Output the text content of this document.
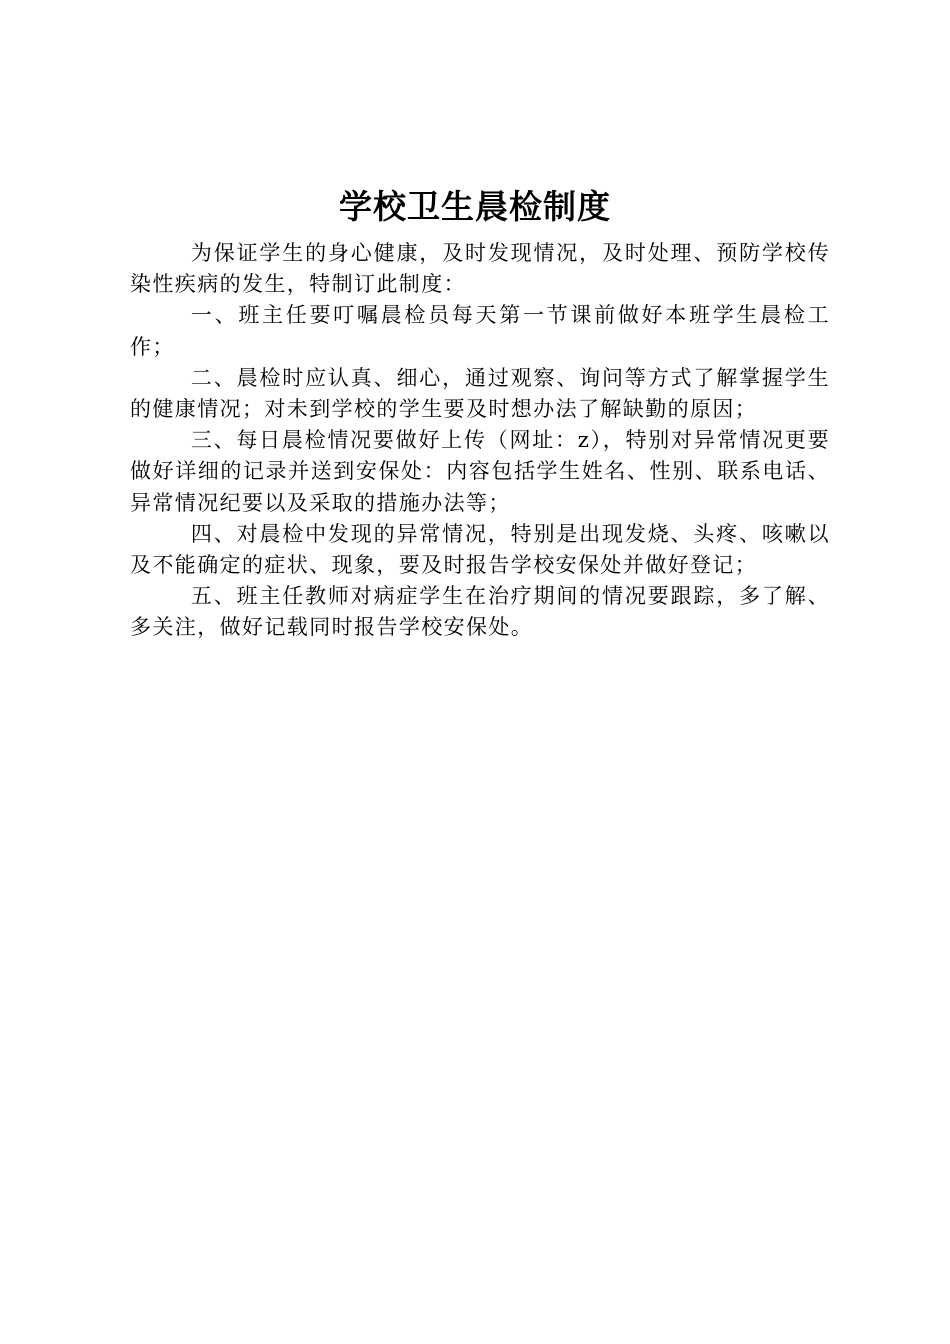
学校卫生晨检制度

为保证学生的身心健康，及时发现情况，及时处理、预防学校传染性疾病的发生，特制订此制度：

一、班主任要叮嘱晨检员每天第一节课前做好本班学生晨检工作；

二、晨检时应认真、细心，通过观察、询问等方式了解掌握学生的健康情况；对未到学校的学生要及时想办法了解缺勤的原因；

三、每日晨检情况要做好上传（网址：z），特别对异常情况更要做好详细的记录并送到安保处：内容包括学生姓名、性别、联系电话、异常情况纪要以及采取的措施办法等；

四、对晨检中发现的异常情况，特别是出现发烧、头疼、咳嗽以及不能确定的症状、现象，要及时报告学校安保处并做好登记；

五、班主任教师对病症学生在治疗期间的情况要跟踪，多了解、多关注，做好记载同时报告学校安保处。
